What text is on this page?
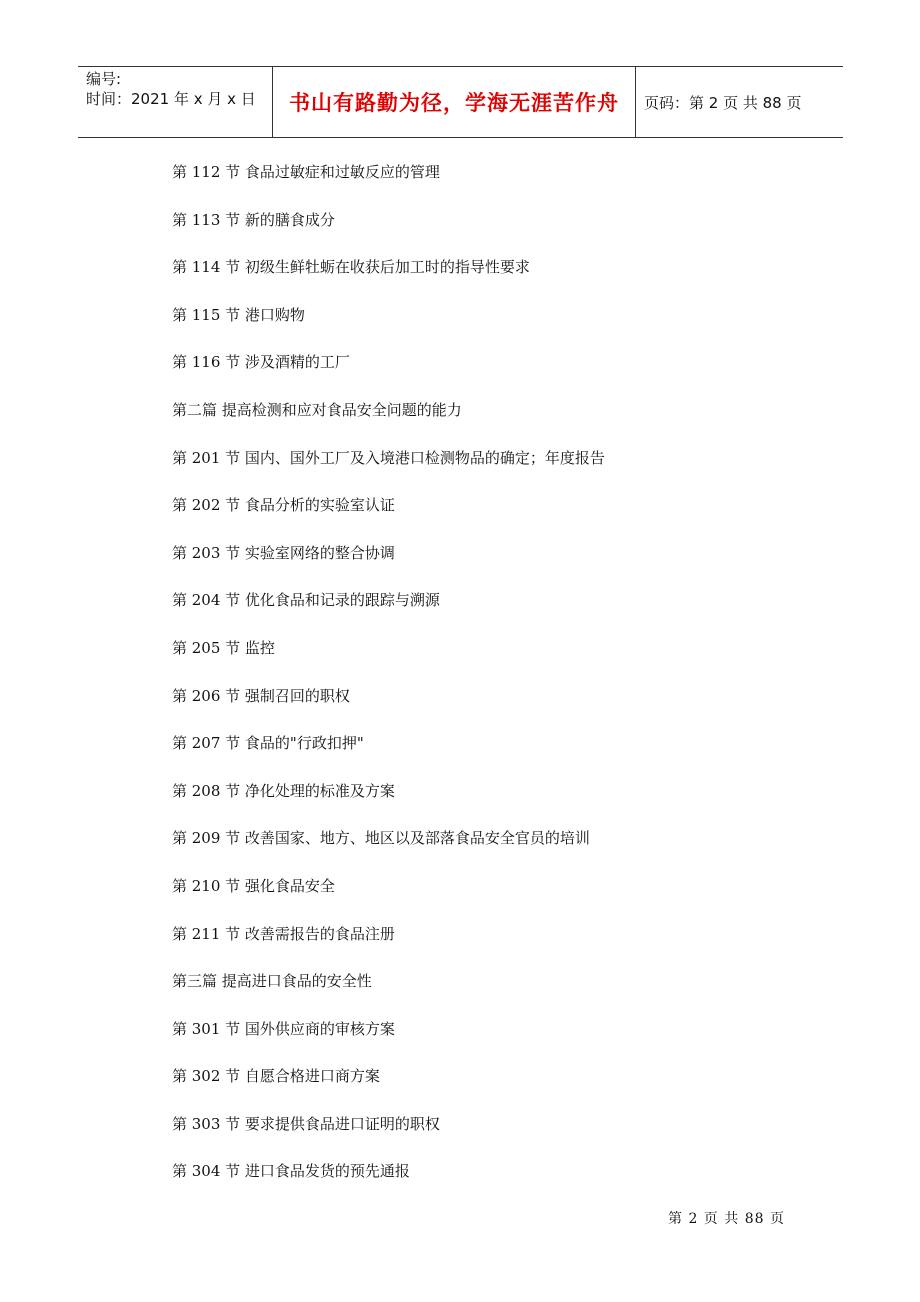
编号:
时间：2021 年 x 月 x 日 书山有路勤为径，学海无涯苦作舟	页码：第 2 页 共 88 页
第 112 节 食品过敏症和过敏反应的管理
第 113 节 新的膳食成分
第 114 节 初级生鲜牡蛎在收获后加工时的指导性要求
第 115 节 港口购物
第 116 节 涉及酒精的工厂
第二篇 提高检测和应对食品安全问题的能力
第 201 节 国内、国外工厂及入境港口检测物品的确定；年度报告
第 202 节 食品分析的实验室认证
第 203 节 实验室网络的整合协调
第 204 节 优化食品和记录的跟踪与溯源
第 205 节 监控
第 206 节 强制召回的职权
第 207 节 食品的"行政扣押"
第 208 节 净化处理的标准及方案
第 209 节 改善国家、地方、地区以及部落食品安全官员的培训
第 210 节 强化食品安全
第 211 节 改善需报告的食品注册
第三篇 提高进口食品的安全性
第 301 节 国外供应商的审核方案
第 302 节 自愿合格进口商方案
第 303 节 要求提供食品进口证明的职权
第 304 节 进口食品发货的预先通报
第 2 页 共 88 页
